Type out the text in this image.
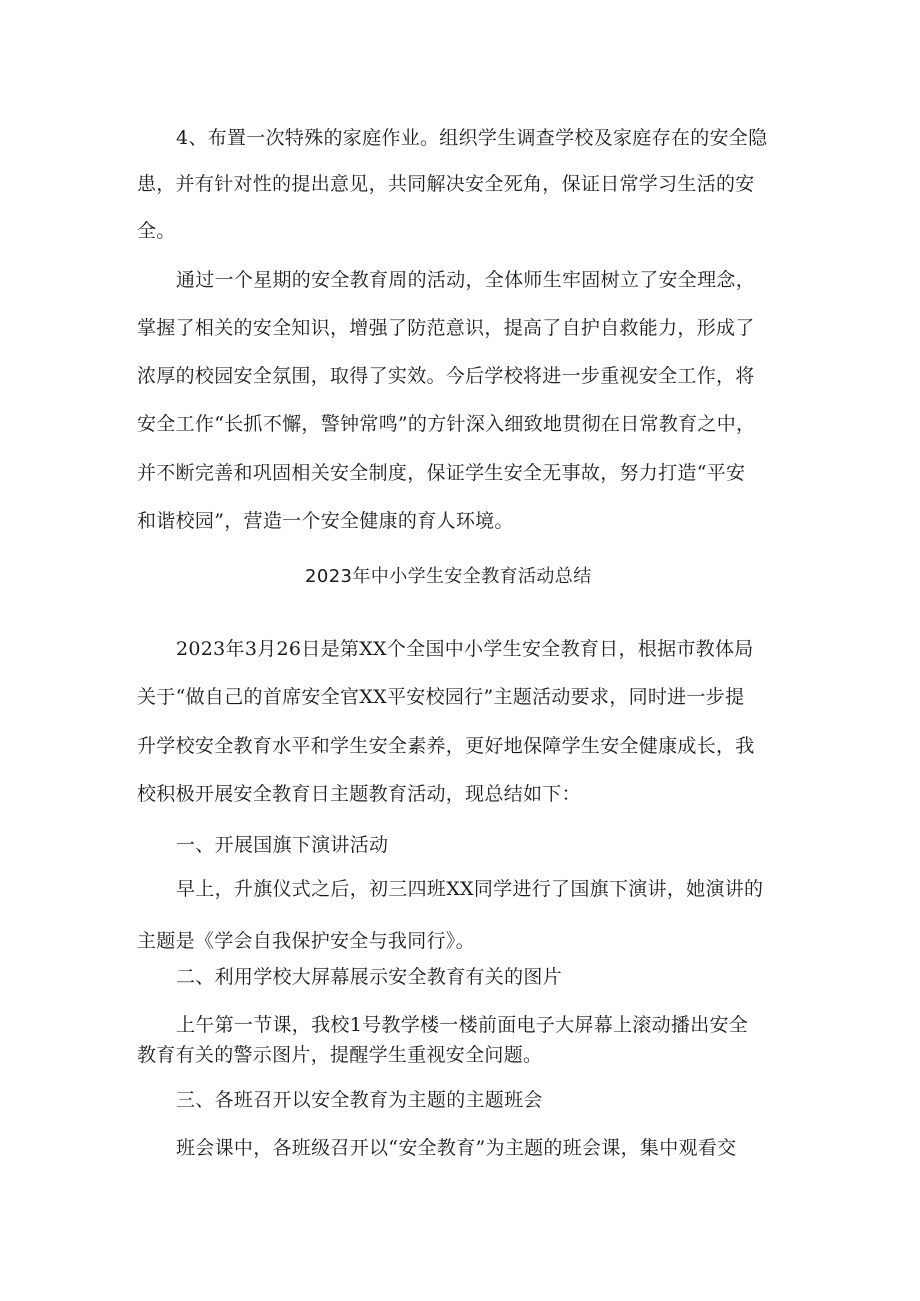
4、布置一次特殊的家庭作业。组织学生调查学校及家庭存在的安全隐
患，并有针对性的提出意见，共同解决安全死角，保证日常学习生活的安
全。
通过一个星期的安全教育周的活动，全体师生牢固树立了安全理念，
掌握了相关的安全知识，增强了防范意识，提高了自护自救能力，形成了
浓厚的校园安全氛围，取得了实效。今后学校将进一步重视安全工作，将
安全工作“长抓不懈，警钟常鸣”的方针深入细致地贯彻在日常教育之中，
并不断完善和巩固相关安全制度，保证学生安全无事故，努力打造“平安
和谐校园”，营造一个安全健康的育人环境。
2023年中小学生安全教育活动总结
2023年3月26日是第XX个全国中小学生安全教育日，根据市教体局
关于“做自己的首席安全官XX平安校园行”主题活动要求，同时进一步提
升学校安全教育水平和学生安全素养，更好地保障学生安全健康成长，我
校积极开展安全教育日主题教育活动，现总结如下：
一、开展国旗下演讲活动
早上，升旗仪式之后，初三四班XX同学进行了国旗下演讲，她演讲的
主题是《学会自我保护安全与我同行》。
二、利用学校大屏幕展示安全教育有关的图片
上午第一节课，我校1号教学楼一楼前面电子大屏幕上滚动播出安全
教育有关的警示图片，提醒学生重视安全问题。
三、各班召开以安全教育为主题的主题班会
班会课中，各班级召开以“安全教育”为主题的班会课，集中观看交
